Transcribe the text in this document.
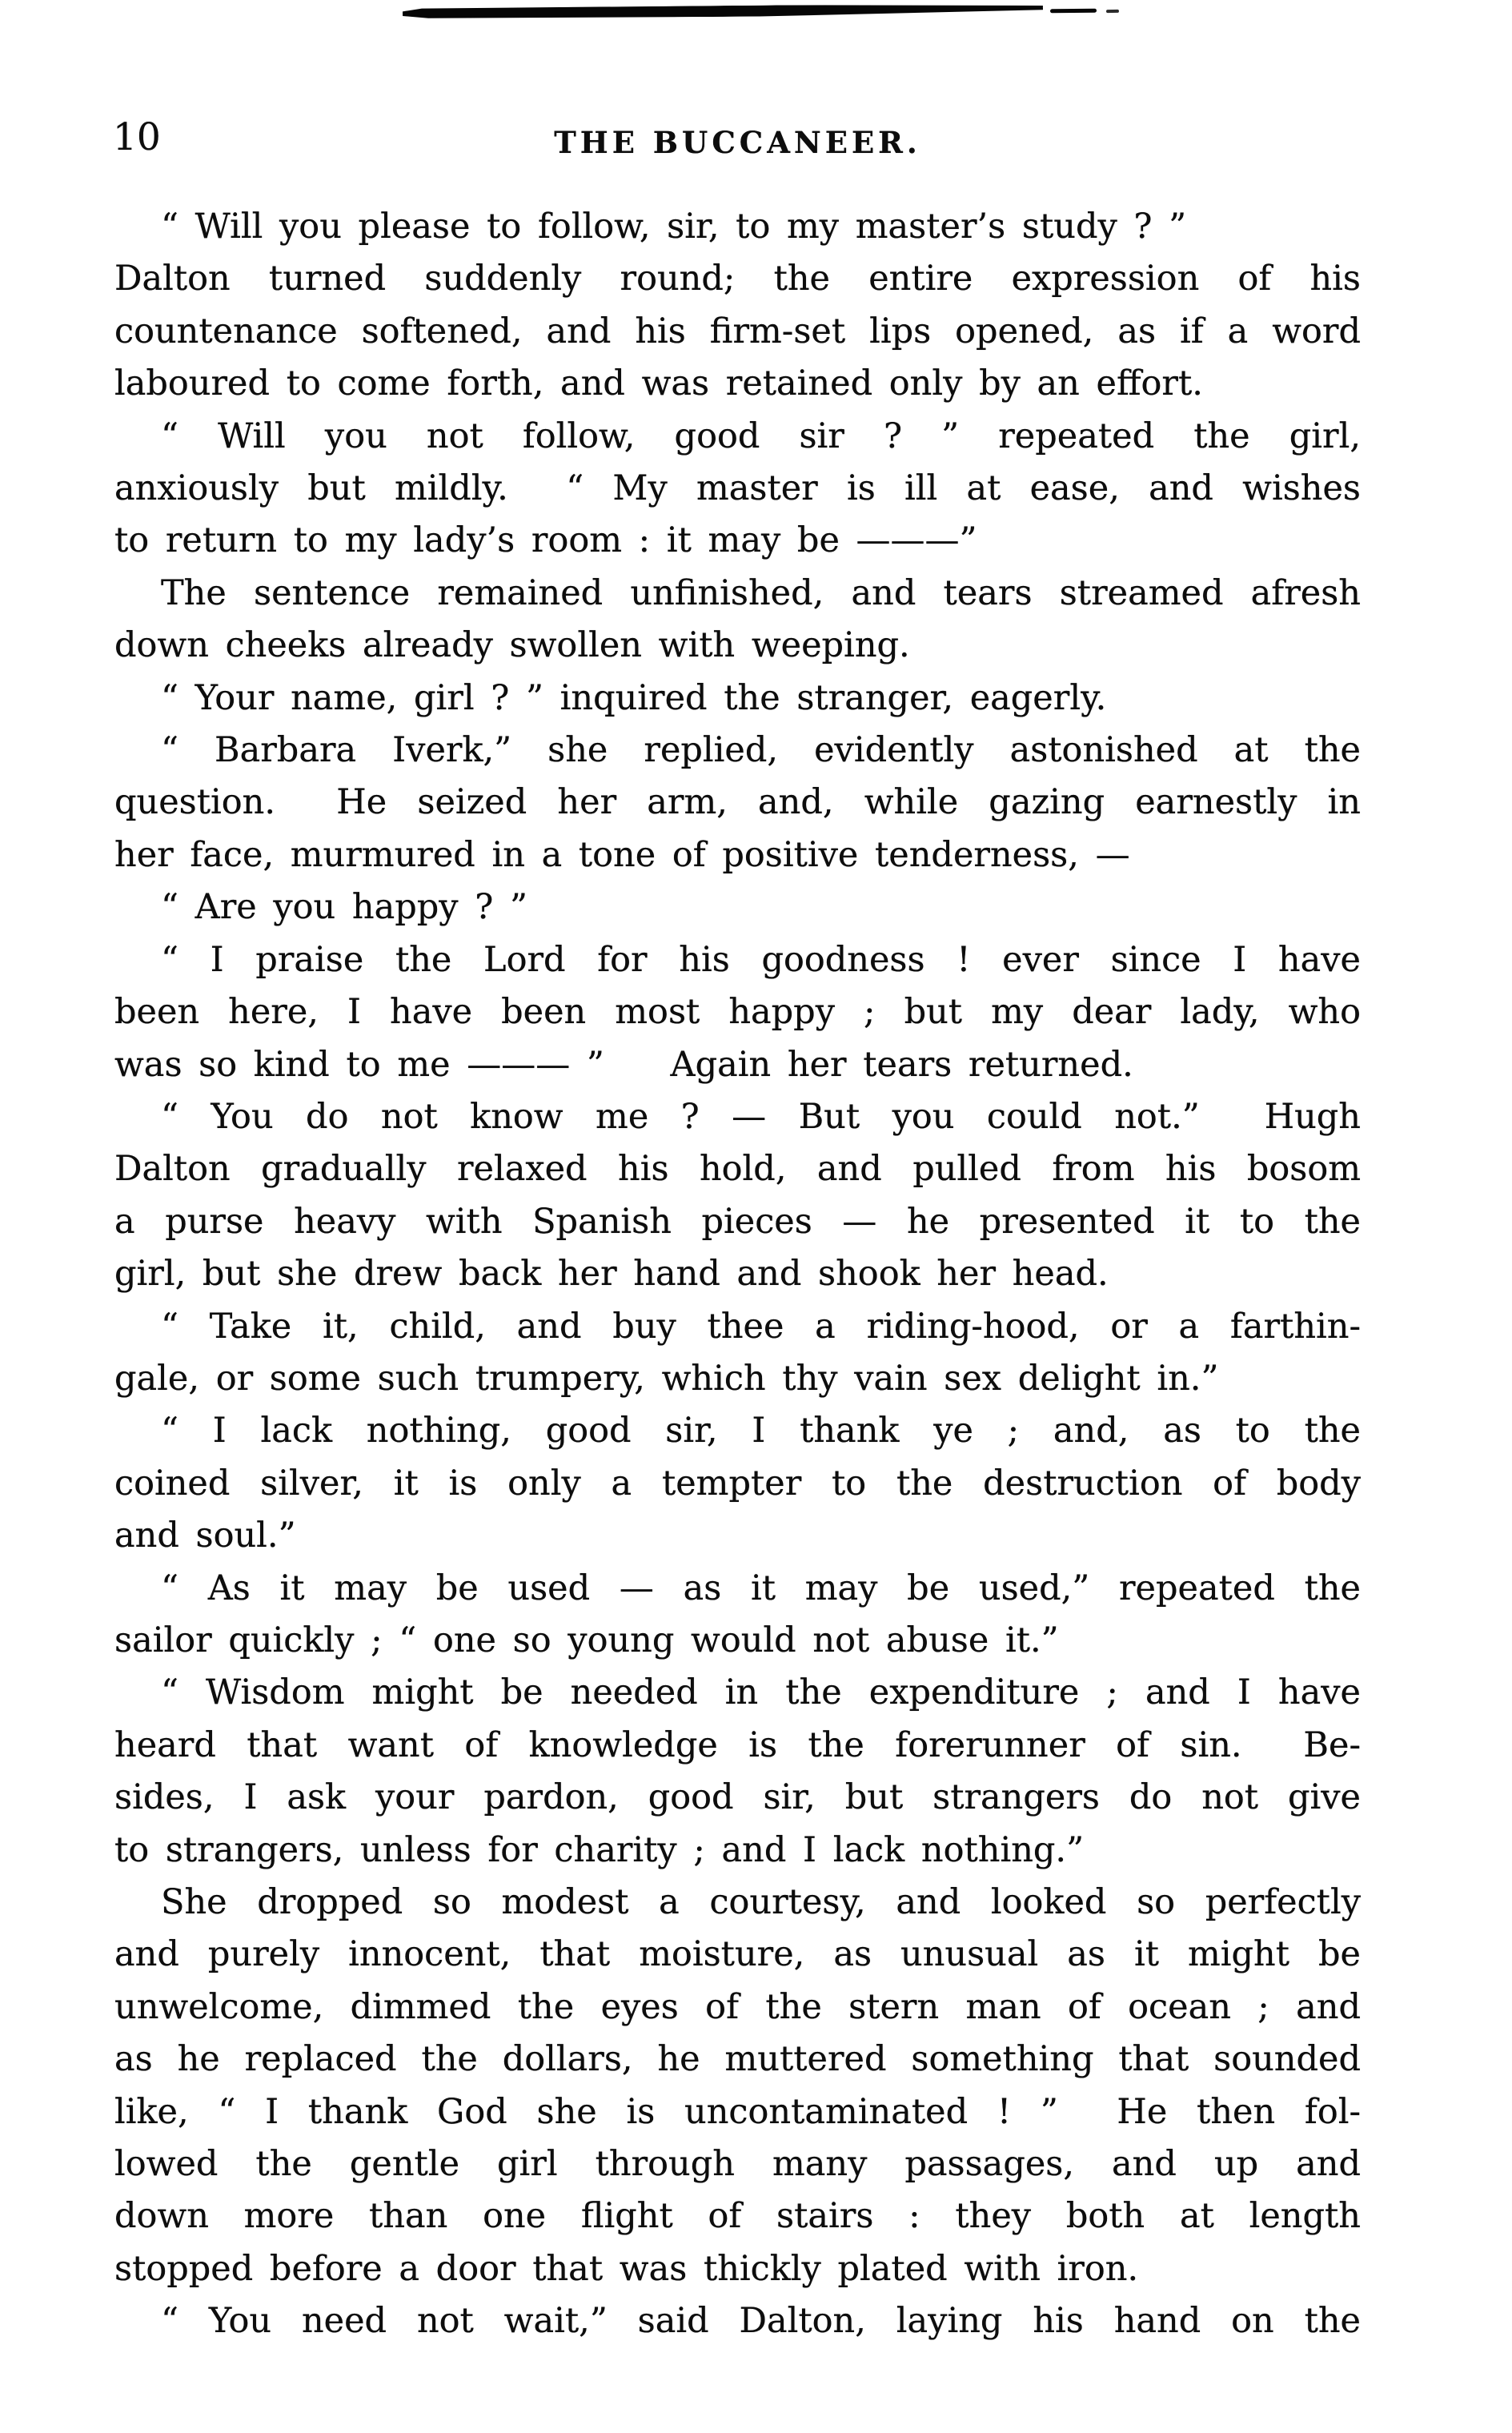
10	THE BUCCANEER.
“ Will you please to follow, sir, to my master’s study ? ”
Dalton turned suddenly round; the entire expression of his
countenance softened, and his firm-set lips opened, as if a word
laboured to come forth, and was retained only by an effort.
“ Will you not follow, good sir ? ” repeated the girl,
anxiously but mildly.  “ My master is ill at ease, and wishes
to return to my lady’s room : it may be ———”
The sentence remained unfinished, and tears streamed afresh
down cheeks already swollen with weeping.
“ Your name, girl ? ” inquired the stranger, eagerly.
“ Barbara Iverk,” she replied, evidently astonished at the
question.  He seized her arm, and, while gazing earnestly in
her face, murmured in a tone of positive tenderness, —
“ Are you happy ? ”
“ I praise the Lord for his goodness ! ever since I have
been here, I have been most happy ; but my dear lady, who
was so kind to me ——— ”    Again her tears returned.
“ You do not know me ? — But you could not.”  Hugh
Dalton gradually relaxed his hold, and pulled from his bosom
a purse heavy with Spanish pieces — he presented it to the
girl, but she drew back her hand and shook her head.
“ Take it, child, and buy thee a riding-hood, or a farthin-
gale, or some such trumpery, which thy vain sex delight in.”
“ I lack nothing, good sir, I thank ye ; and, as to the
coined silver, it is only a tempter to the destruction of body
and soul.”
“ As it may be used — as it may be used,” repeated the
sailor quickly ; “ one so young would not abuse it.”
“ Wisdom might be needed in the expenditure ; and I have
heard that want of knowledge is the forerunner of sin.  Be-
sides, I ask your pardon, good sir, but strangers do not give
to strangers, unless for charity ; and I lack nothing.”
She dropped so modest a courtesy, and looked so perfectly
and purely innocent, that moisture, as unusual as it might be
unwelcome, dimmed the eyes of the stern man of ocean ; and
as he replaced the dollars, he muttered something that sounded
like, “ I thank God she is uncontaminated ! ”  He then fol-
lowed the gentle girl through many passages, and up and
down more than one flight of stairs : they both at length
stopped before a door that was thickly plated with iron.
“ You need not wait,” said Dalton, laying his hand on the
